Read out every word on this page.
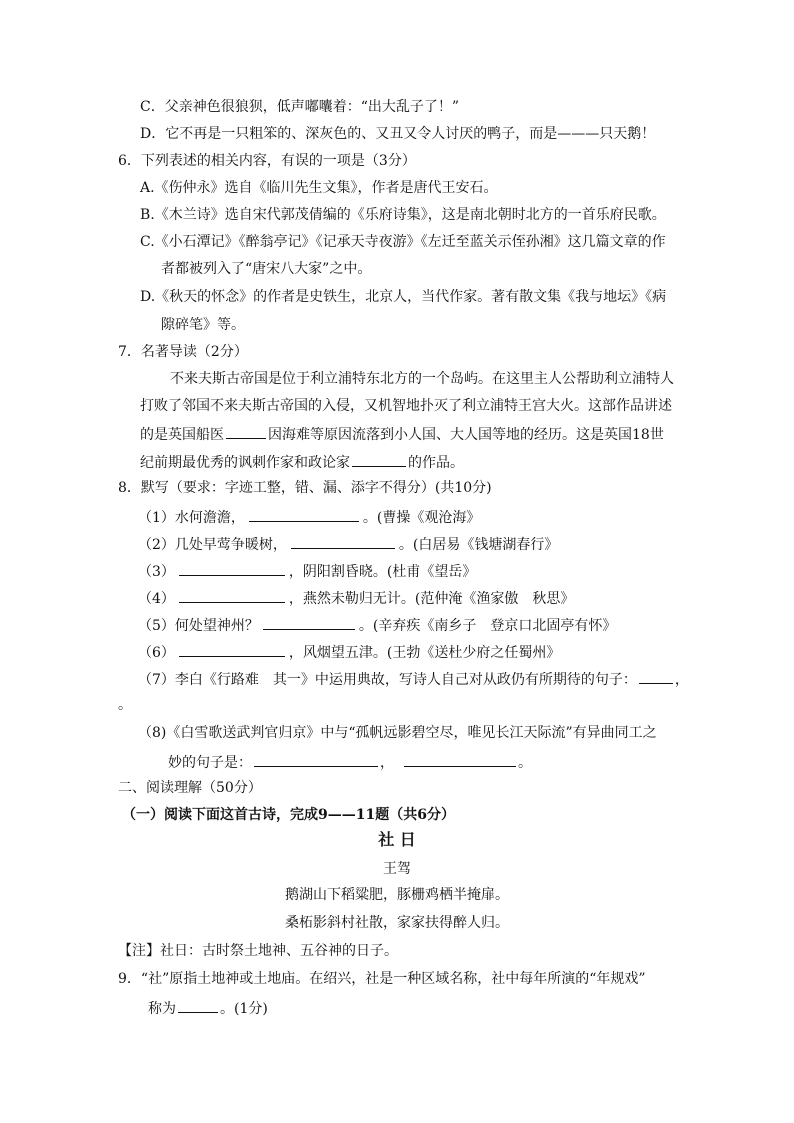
C．父亲神色很狼狈，低声嘟囔着：“出大乱子了！”
D．它不再是一只粗笨的、深灰色的、又丑又令人讨厌的鸭子，而是———只天鹅！
6．下列表述的相关内容，有误的一项是（3分）
A.《伤仲永》选自《临川先生文集》，作者是唐代王安石。
B.《木兰诗》选自宋代郭茂倩编的《乐府诗集》，这是南北朝时北方的一首乐府民歌。
C.《小石潭记》《醉翁亭记》《记承天寺夜游》《左迁至蓝关示侄孙湘》这几篇文章的作
者都被列入了“唐宋八大家”之中。
D.《秋天的怀念》的作者是史铁生，北京人，当代作家。著有散文集《我与地坛》《病
隙碎笔》等。
7．名著导读（2分）
不来夫斯古帝国是位于利立浦特东北方的一个岛屿。在这里主人公帮助利立浦特人
打败了邻国不来夫斯古帝国的入侵，又机智地扑灭了利立浦特王宫大火。这部作品讲述
的是英国船医	因海难等原因流落到小人国、大人国等地的经历。这是英国18世
纪前期最优秀的讽刺作家和政论家	的作品。
8．默写（要求：字迹工整，错、漏、添字不得分）(共10分)
（1）水何澹澹，	。(曹操《观沧海》
（2）几处早莺争暖树，	。(白居易《钱塘湖春行》
（3）	，阴阳割昏晓。(杜甫《望岳》
（4）	，燕然未勒归无计。(范仲淹《渔家傲　秋思》
（5）何处望神州？	。(辛弃疾《南乡子　登京口北固亭有怀》
（6）	，风烟望五津。(王勃《送杜少府之任蜀州》
（7）李白《行路难　其一》中运用典故，写诗人自己对从政仍有所期待的句子：	，
。
（8)《白雪歌送武判官归京》中与“孤帆远影碧空尽，唯见长江天际流”有异曲同工之
妙的句子是：	，	。
二、阅读理解（50分）
（一）阅读下面这首古诗，完成9——11题（共6分）
社 日
王驾
鹅湖山下稻粱肥，豚栅鸡栖半掩扉。
桑柘影斜村社散，家家扶得醉人归。
【注】社日：古时祭土地神、五谷神的日子。
9．“社”原指土地神或土地庙。在绍兴，社是一种区域名称，社中每年所演的“年规戏”
称为	。(1分)
